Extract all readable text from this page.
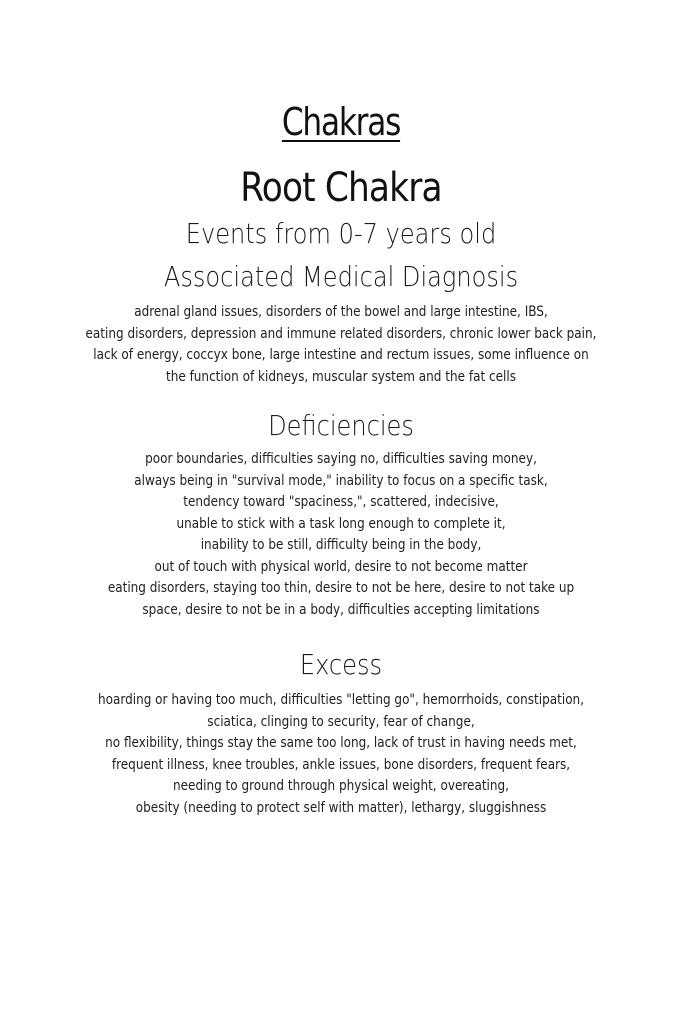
Chakras
Root Chakra
Events from 0-7 years old
Associated Medical Diagnosis
adrenal gland issues, disorders of the bowel and large intestine, IBS,
eating disorders, depression and immune related disorders, chronic lower back pain,
lack of energy, coccyx bone, large intestine and rectum issues, some influence on
the function of kidneys, muscular system and the fat cells
Deficiencies
poor boundaries, difficulties saying no, difficulties saving money,
always being in "survival mode," inability to focus on a specific task,
tendency toward "spaciness,", scattered, indecisive,
unable to stick with a task long enough to complete it,
inability to be still, difficulty being in the body,
out of touch with physical world, desire to not become matter
eating disorders, staying too thin, desire to not be here, desire to not take up
space, desire to not be in a body, difficulties accepting limitations
Excess
hoarding or having too much, difficulties "letting go", hemorrhoids, constipation,
sciatica, clinging to security, fear of change,
no flexibility, things stay the same too long, lack of trust in having needs met,
frequent illness, knee troubles, ankle issues, bone disorders, frequent fears,
needing to ground through physical weight, overeating,
obesity (needing to protect self with matter), lethargy, sluggishness
